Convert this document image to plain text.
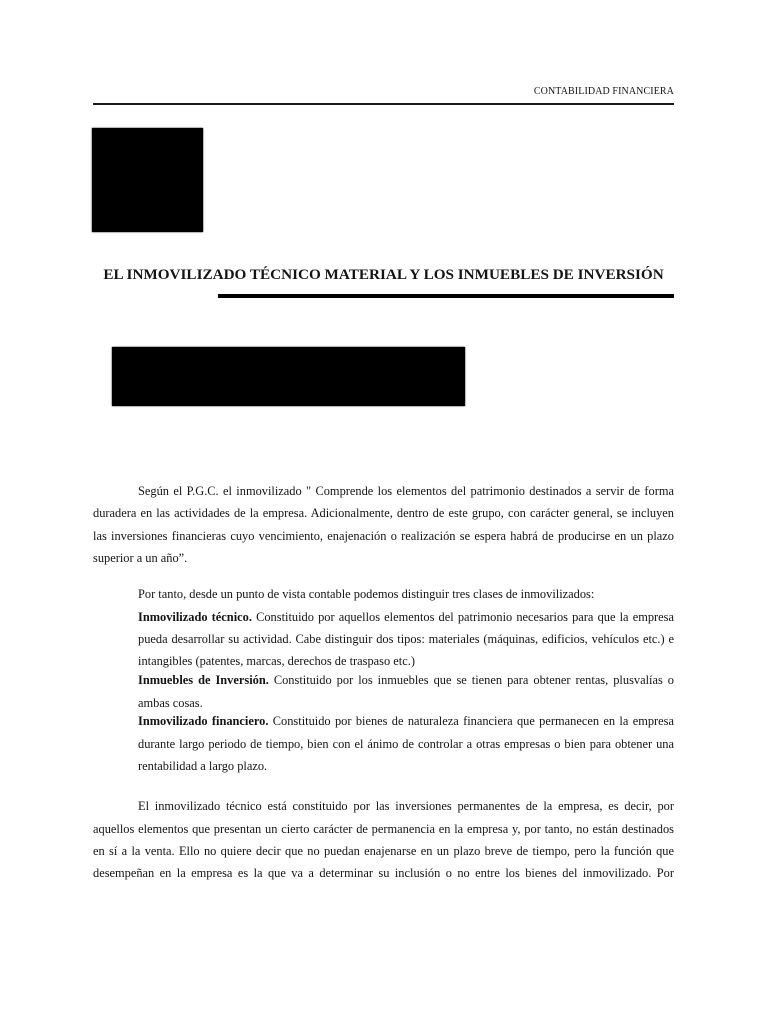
CONTABILIDAD FINANCIERA
EL INMOVILIZADO TÉCNICO MATERIAL Y LOS INMUEBLES DE INVERSIÓN
Según el P.G.C. el inmovilizado " Comprende los elementos del patrimonio destinados a servir de forma
duradera en las actividades de la empresa. Adicionalmente, dentro de este grupo, con carácter general, se incluyen
las inversiones financieras cuyo vencimiento, enajenación o realización se espera habrá de producirse en un plazo
superior a un año”.
Por tanto, desde un punto de vista contable podemos distinguir tres clases de inmovilizados:
Inmovilizado técnico. Constituido por aquellos elementos del patrimonio necesarios para que la empresa
pueda desarrollar su actividad. Cabe distinguir dos tipos: materiales (máquinas, edificios, vehículos etc.) e
intangibles (patentes, marcas, derechos de traspaso etc.)
Inmuebles de Inversión. Constituido por los inmuebles que se tienen para obtener rentas, plusvalías o
ambas cosas.
Inmovilizado financiero. Constituido por bienes de naturaleza financiera que permanecen en la empresa
durante largo periodo de tiempo, bien con el ánimo de controlar a otras empresas o bien para obtener una
rentabilidad a largo plazo.
El inmovilizado técnico está constituido por las inversiones permanentes de la empresa, es decir, por
aquellos elementos que presentan un cierto carácter de permanencia en la empresa y, por tanto, no están destinados
en sí a la venta. Ello no quiere decir que no puedan enajenarse en un plazo breve de tiempo, pero la función que
desempeñan en la empresa es la que va a determinar su inclusión o no entre los bienes del inmovilizado. Por
